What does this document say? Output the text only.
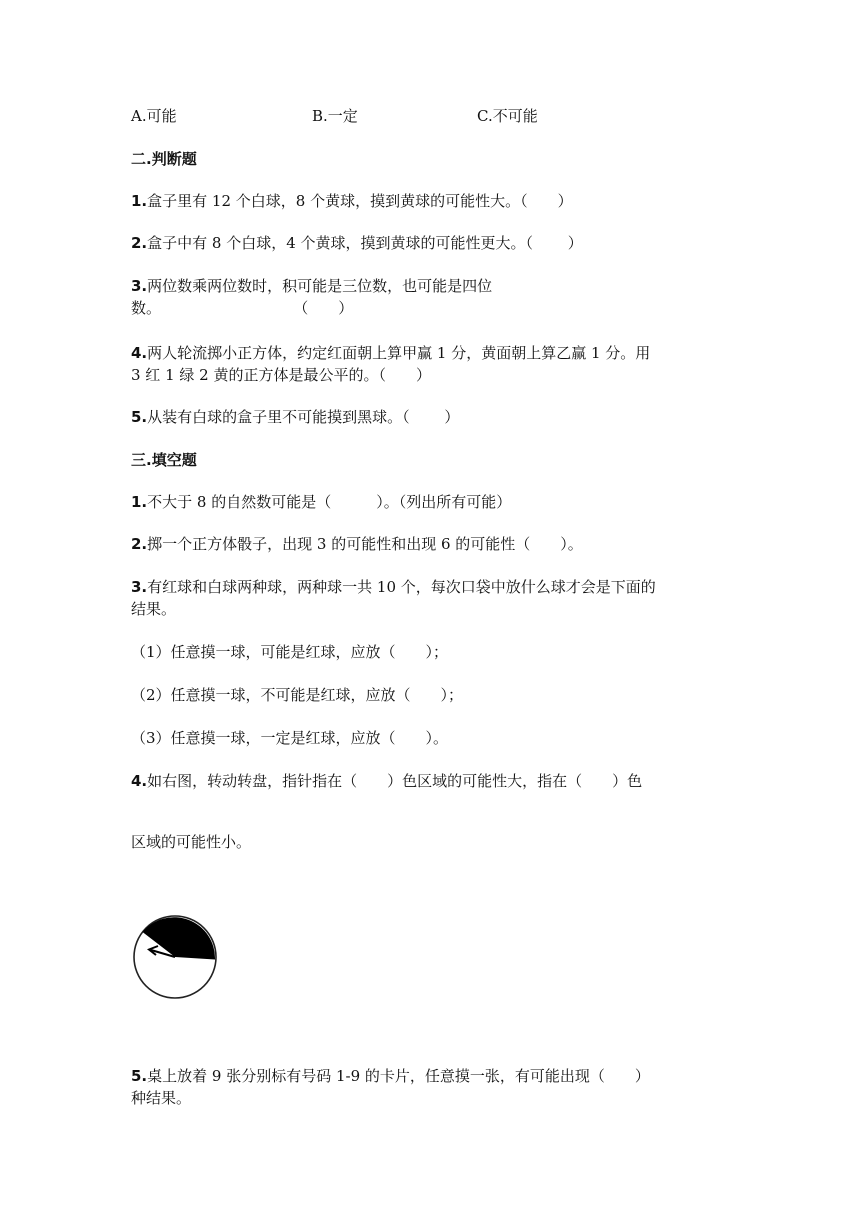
A.可能	B.一定	C.不可能
二.判断题
1.盒子里有 12 个白球，8 个黄球，摸到黄球的可能性大。（　　）
2.盒子中有 8 个白球，4 个黄球，摸到黄球的可能性更大。（　　 ）
3.两位数乘两位数时，积可能是三位数，也可能是四位
数。　　　　　　　　　 （　　）
4.两人轮流掷小正方体，约定红面朝上算甲赢 1 分，黄面朝上算乙赢 1 分。用
3 红 1 绿 2 黄的正方体是最公平的。（　　）
5.从装有白球的盒子里不可能摸到黑球。（　　 ）
三.填空题
1.不大于 8 的自然数可能是（　　　）。（列出所有可能）
2.掷一个正方体骰子，出现 3 的可能性和出现 6 的可能性（　　）。
3.有红球和白球两种球，两种球一共 10 个，每次口袋中放什么球才会是下面的
结果。
（1）任意摸一球，可能是红球，应放（　　）；
（2）任意摸一球，不可能是红球，应放（　　）；
（3）任意摸一球，一定是红球，应放（　　）。
4.如右图，转动转盘，指针指在（　　）色区域的可能性大，指在（　　）色
区域的可能性小。
5.桌上放着 9 张分别标有号码 1-9 的卡片，任意摸一张，有可能出现（　　）
种结果。
